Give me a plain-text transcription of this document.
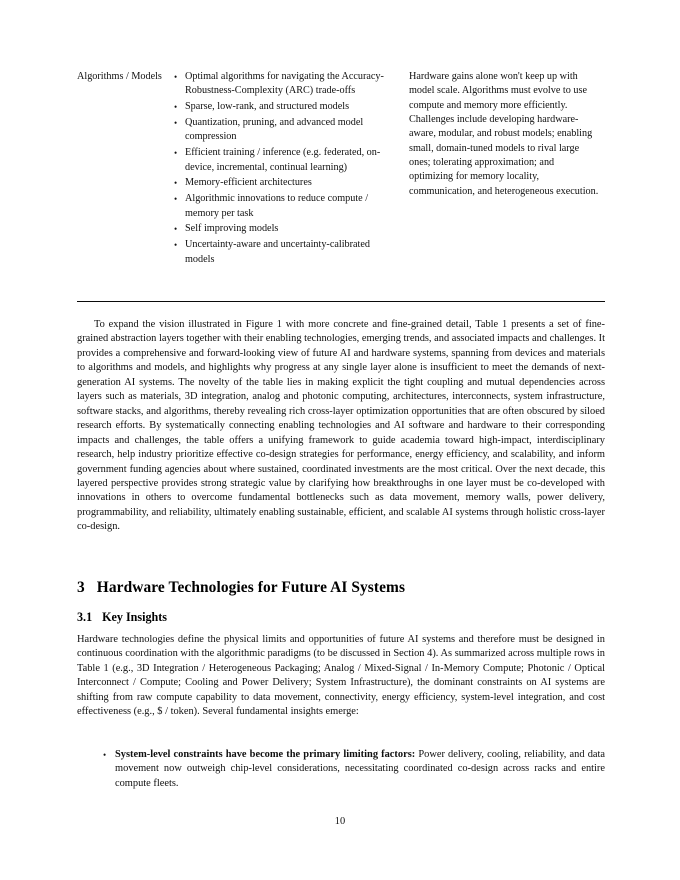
Algorithms / Models	• Optimal algorithms for navigating the Accuracy-Robustness-Complexity (ARC) trade-offs
• Sparse, low-rank, and structured models
• Quantization, pruning, and advanced model compression
• Efficient training / inference (e.g. federated, on-device, incremental, continual learning)
• Memory-efficient architectures
• Algorithmic innovations to reduce compute / memory per task
• Self improving models
• Uncertainty-aware and uncertainty-calibrated models
Hardware gains alone won't keep up with model scale. Algorithms must evolve to use compute and memory more efficiently. Challenges include developing hardware-aware, modular, and robust models; enabling small, domain-tuned models to rival large ones; tolerating approximation; and optimizing for memory locality, communication, and heterogeneous execution.

To expand the vision illustrated in Figure 1 with more concrete and fine-grained detail, Table 1 presents a set of fine-grained abstraction layers together with their enabling technologies, emerging trends, and associated impacts and challenges. It provides a comprehensive and forward-looking view of future AI and hardware systems, spanning from devices and materials to algorithms and models, and highlights why progress at any single layer alone is insufficient to meet the demands of next-generation AI systems. The novelty of the table lies in making explicit the tight coupling and mutual dependencies across layers such as materials, 3D integration, analog and photonic computing, architectures, interconnects, system infrastructure, software stacks, and algorithms, thereby revealing rich cross-layer optimization opportunities that are often obscured by siloed research efforts. By systematically connecting enabling technologies and AI software and hardware to their corresponding impacts and challenges, the table offers a unifying framework to guide academia toward high-impact, interdisciplinary research, help industry prioritize effective co-design strategies for performance, energy efficiency, and scalability, and inform government funding agencies about where sustained, coordinated investments are the most critical. Over the next decade, this layered perspective provides strong strategic value by clarifying how breakthroughs in one layer must be co-developed with innovations in others to overcome fundamental bottlenecks such as data movement, memory walls, power delivery, programmability, and reliability, ultimately enabling sustainable, efficient, and scalable AI systems through holistic cross-layer co-design.

3 Hardware Technologies for Future AI Systems
3.1 Key Insights

Hardware technologies define the physical limits and opportunities of future AI systems and therefore must be designed in continuous coordination with the algorithmic paradigms (to be discussed in Section 4). As summarized across multiple rows in Table 1 (e.g., 3D Integration / Heterogeneous Packaging; Analog / Mixed-Signal / In-Memory Compute; Photonic / Optical Interconnect / Compute; Cooling and Power Delivery; System Infrastructure), the dominant constraints on AI systems are shifting from raw compute capability to data movement, connectivity, energy efficiency, system-level integration, and cost effectiveness (e.g., $ / token). Several fundamental insights emerge:

• System-level constraints have become the primary limiting factors: Power delivery, cooling, reliability, and data movement now outweigh chip-level considerations, necessitating coordinated co-design across racks and entire compute fleets.
10
